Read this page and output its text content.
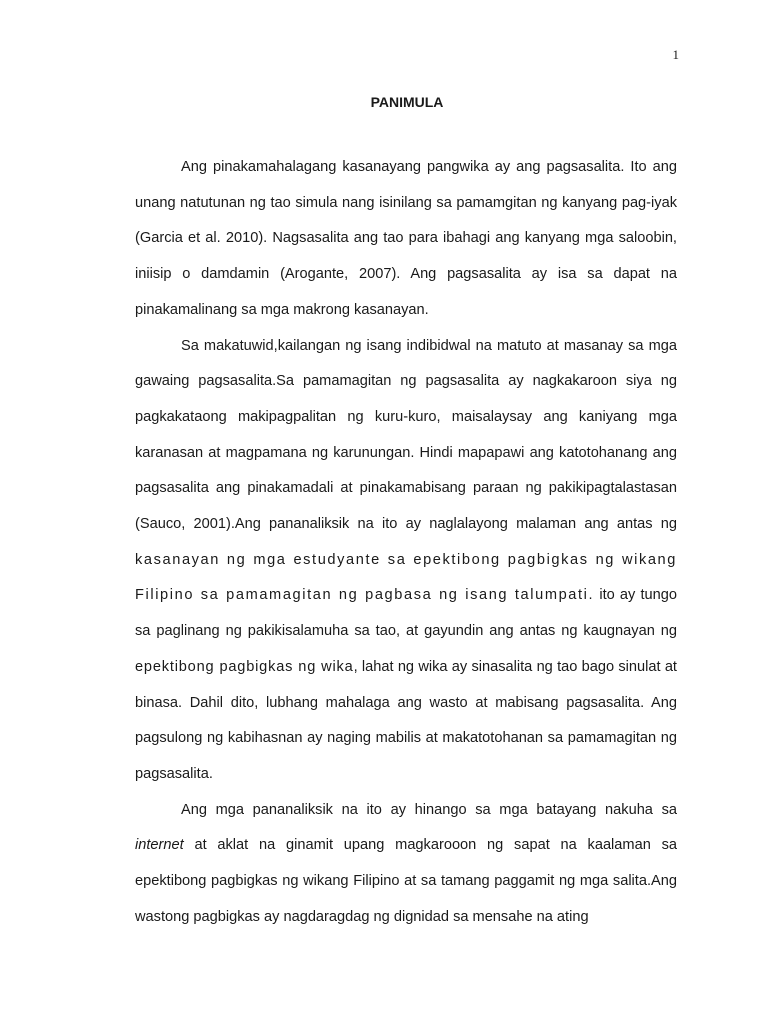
1
PANIMULA

Ang pinakamahalagang kasanayang pangwika ay ang pagsasalita. Ito ang unang natutunan ng tao simula nang isinilang sa pamamgitan ng kanyang pag-iyak (Garcia et al. 2010). Nagsasalita ang tao para ibahagi ang kanyang mga saloobin, iniisip o damdamin (Arogante, 2007). Ang pagsasalita ay isa sa dapat na pinakamalinang sa mga makrong kasanayan.

Sa makatuwid,kailangan ng isang indibidwal na matuto at masanay sa mga gawaing pagsasalita.Sa pamamagitan ng pagsasalita ay nagkakaroon siya ng pagkakataong makipagpalitan ng kuru-kuro, maisalaysay ang kaniyang mga karanasan at magpamana ng karunungan. Hindi mapapawi ang katotohanang ang pagsasalita ang pinakamadali at pinakamabisang paraan ng pakikipagtalastasan (Sauco, 2001).Ang pananaliksik na ito ay naglalayong malaman ang antas ng kasanayan ng mga estudyante sa epektibong pagbigkas ng wikang Filipino sa pamamagitan ng pagbasa ng isang talumpati. ito ay tungo sa paglinang ng pakikisalamuha sa tao, at gayundin ang antas ng kaugnayan ng epektibong pagbigkas ng wika, lahat ng wika ay sinasalita ng tao bago sinulat at binasa. Dahil dito, lubhang mahalaga ang wasto at mabisang pagsasalita. Ang pagsulong ng kabihasnan ay naging mabilis at makatotohanan sa pamamagitan ng pagsasalita.

Ang mga pananaliksik na ito ay hinango sa mga batayang nakuha sa internet at aklat na ginamit upang magkarooon ng sapat na kaalaman sa epektibong pagbigkas ng wikang Filipino at sa tamang paggamit ng mga salita.Ang wastong pagbigkas ay nagdaragdag ng dignidad sa mensahe na ating
